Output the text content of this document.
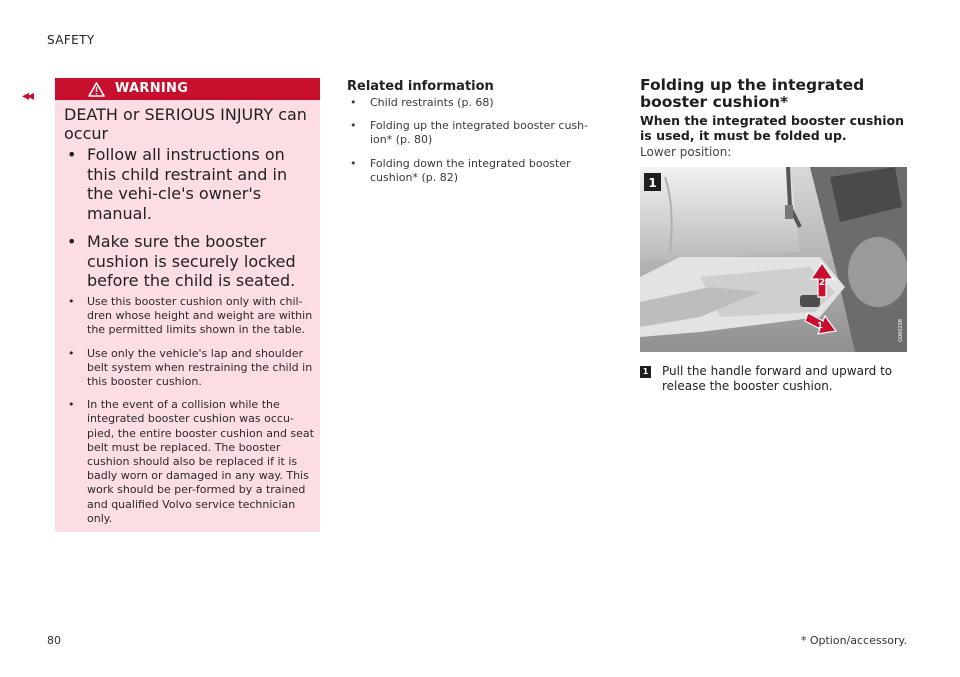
SAFETY
◂◂	WARNING
DEATH or SERIOUS INJURY can occur
• Follow all instructions on this child restraint and in the vehi-cle's owner's manual.
• Make sure the booster cushion is securely locked before the child is seated.
• Use this booster cushion only with chil-dren whose height and weight are within the permitted limits shown in the table.
• Use only the vehicle's lap and shoulder belt system when restraining the child in this booster cushion.
• In the event of a collision while the integrated booster cushion was occu-pied, the entire booster cushion and seat belt must be replaced. The booster cushion should also be replaced if it is badly worn or damaged in any way. This work should be per-formed by a trained and qualified Volvo service technician only.
Related information
• Child restraints (p. 68)
• Folding up the integrated booster cush-ion* (p. 80)
• Folding down the integrated booster cushion* (p. 82)
Folding up the integrated booster cushion*
When the integrated booster cushion is used, it must be folded up.
Lower position:
G060208
1
2
1
1 Pull the handle forward and upward to release the booster cushion.
80	* Option/accessory.
